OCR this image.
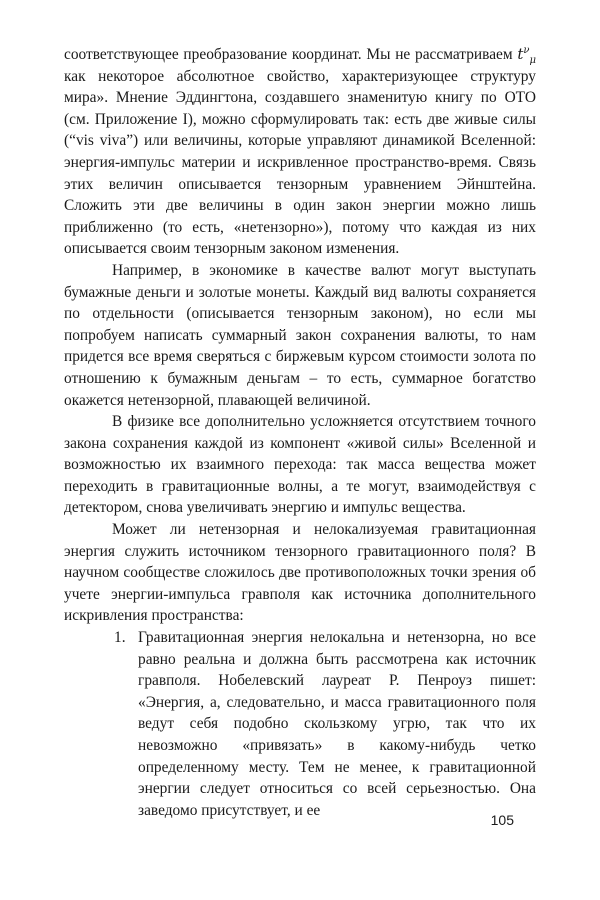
соответствующее преобразование координат. Мы не рассматриваем $t^\nu_\mu$ как некоторое абсолютное свойство, характеризующее структуру мира». Мнение Эддингтона, создавшего знаменитую книгу по ОТО (см. Приложение I), можно сформулировать так: есть две живые силы (“vis viva”) или величины, которые управляют динамикой Вселенной: энергия-импульс материи и искривленное пространство-время. Связь этих величин описывается тензорным уравнением Эйнштейна. Сложить эти две величины в один закон энергии можно лишь приближенно (то есть, «нетензорно»), потому что каждая из них описывается своим тензорным законом изменения.

Например, в экономике в качестве валют могут выступать бумажные деньги и золотые монеты. Каждый вид валюты сохраняется по отдельности (описывается тензорным законом), но если мы попробуем написать суммарный закон сохранения валюты, то нам придется все время сверяться с биржевым курсом стоимости золота по отношению к бумажным деньгам – то есть, суммарное богатство окажется нетензорной, плавающей величиной.

В физике все дополнительно усложняется отсутствием точного закона сохранения каждой из компонент «живой силы» Вселенной и возможностью их взаимного перехода: так масса вещества может переходить в гравитационные волны, а те могут, взаимодействуя с детектором, снова увеличивать энергию и импульс вещества.

Может ли нетензорная и нелокализуемая гравитационная энергия служить источником тензорного гравитационного поля? В научном сообществе сложилось две противоположных точки зрения об учете энергии-импульса гравполя как источника дополнительного искривления пространства:

1. Гравитационная энергия нелокальна и нетензорна, но все равно реальна и должна быть рассмотрена как источник гравполя. Нобелевский лауреат Р. Пенроуз пишет: «Энергия, а, следовательно, и масса гравитационного поля ведут себя подобно скользкому угрю, так что их невозможно «привязать» в какому-нибудь четко определенному месту. Тем не менее, к гравитационной энергии следует относиться со всей серьезностью. Она заведомо присутствует, и ее
105
